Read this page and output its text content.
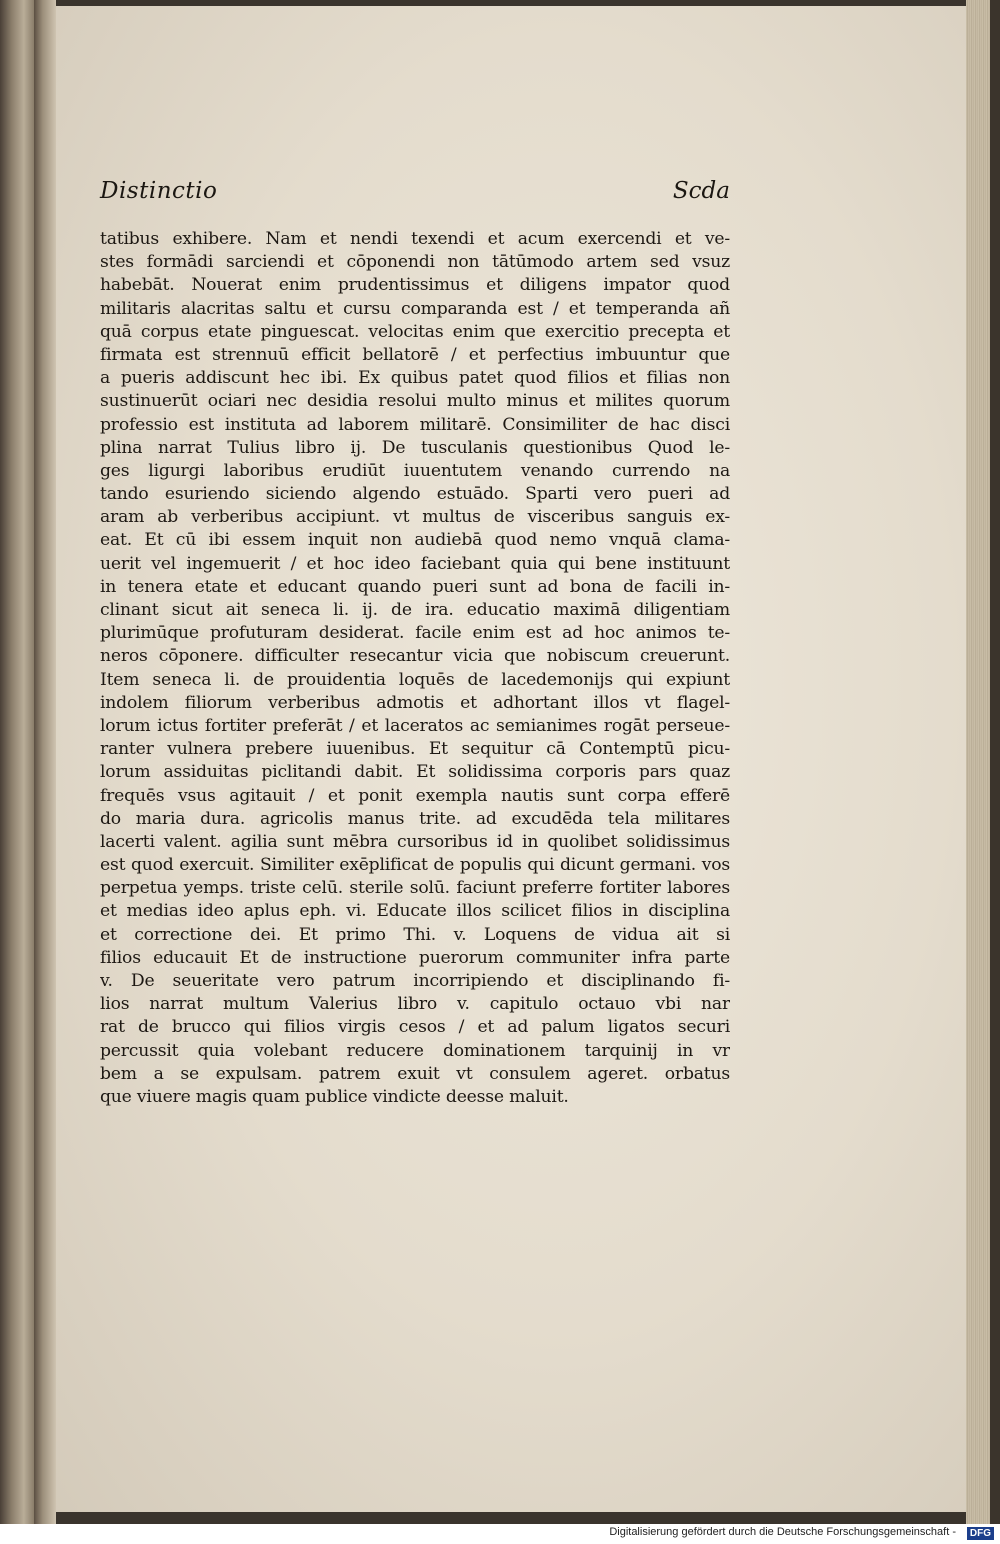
Distinctio	Scda
tatibus exhibere. Nam et nendi texendi et acum exercendi et ve-
stes formādi sarciendi et cōponendi non tātūmodo artem sed vsuz
habebāt. Nouerat enim prudentissimus et diligens impator quod
militaris alacritas saltu et cursu comparanda est / et temperanda añ
quā corpus etate pinguescat. velocitas enim que exercitio precepta et
firmata est strennuū efficit bellatorē / et perfectius imbuuntur que
a pueris addiscunt hec ibi. Ex quibus patet quod filios et filias non
sustinuerūt ociari nec desidia resolui multo minus et milites quorum
professio est instituta ad laborem militarē. Consimiliter de hac disci
plina narrat Tulius libro ij. De tusculanis questionibus Quod le-
ges ligurgi laboribus erudiūt iuuentutem venando currendo na
tando esuriendo siciendo algendo estuādo. Sparti vero pueri ad
aram ab verberibus accipiunt. vt multus de visceribus sanguis ex-
eat. Et cū ibi essem inquit non audiebā quod nemo vnquā clama-
uerit vel ingemuerit / et hoc ideo faciebant quia qui bene instituunt
in tenera etate et educant quando pueri sunt ad bona de facili in-
clinant sicut ait seneca li. ij. de ira. educatio maximā diligentiam
plurimūque profuturam desiderat. facile enim est ad hoc animos te-
neros cōponere. difficulter resecantur vicia que nobiscum creuerunt.
Item seneca li. de prouidentia loquēs de lacedemonijs qui expiunt
indolem filiorum verberibus admotis et adhortant illos vt flagel-
lorum ictus fortiter preferāt / et laceratos ac semianimes rogāt perseue-
ranter vulnera prebere iuuenibus. Et sequitur cā Contemptū picu-
lorum assiduitas piclitandi dabit. Et solidissima corporis pars quaz
frequēs vsus agitauit / et ponit exempla nautis sunt corpa efferē
do maria dura. agricolis manus trite. ad excudēda tela militares
lacerti valent. agilia sunt mēbra cursoribus id in quolibet solidissimus
est quod exercuit. Similiter exēplificat de populis qui dicunt germani. vos
perpetua yemps. triste celū. sterile solū. faciunt preferre fortiter labores
et medias ideo aplus eph. vi. Educate illos scilicet filios in disciplina
et correctione dei. Et primo Thi. v. Loquens de vidua ait si
filios educauit Et de instructione puerorum communiter infra parte
v. De seueritate vero patrum incorripiendo et disciplinando fi-
lios narrat multum Valerius libro v. capitulo octauo vbi nar
rat de brucco qui filios virgis cesos / et ad palum ligatos securi
percussit quia volebant reducere dominationem tarquinij in vr
bem a se expulsam. patrem exuit vt consulem ageret. orbatus
que viuere magis quam publice vindicte deesse maluit.
Digitalisierung gefördert durch die Deutsche Forschungsgemeinschaft -	DFG
